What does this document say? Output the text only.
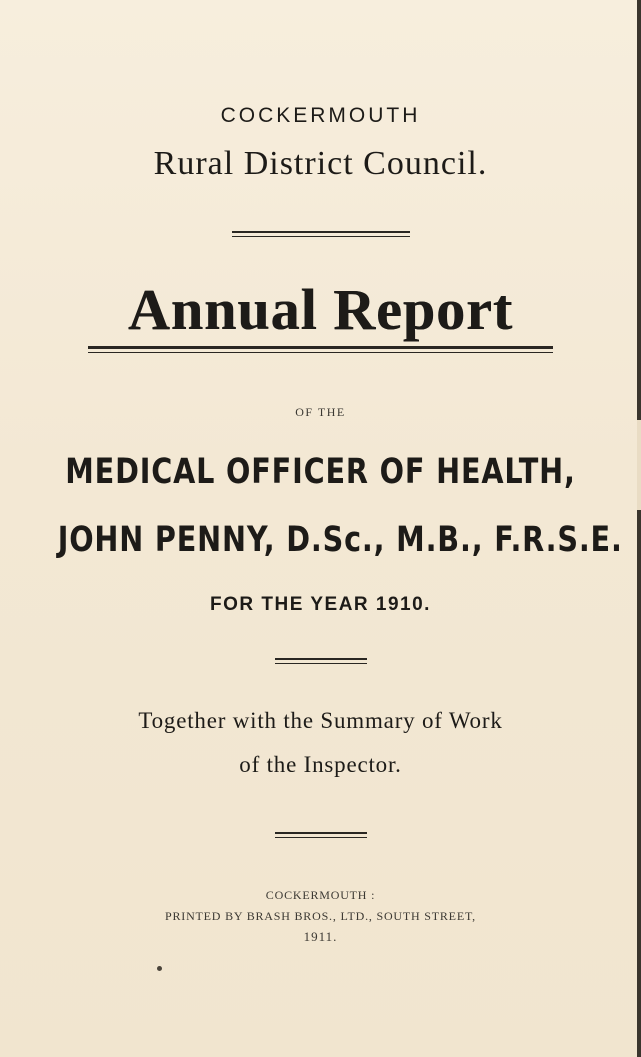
COCKERMOUTH
Rural District Council.
Annual Report
OF THE
MEDICAL OFFICER OF HEALTH,
JOHN PENNY, D.Sc., M.B., F.R.S.E.
FOR THE YEAR 1910.
Together with the Summary of Work
of the Inspector.
COCKERMOUTH :
PRINTED BY BRASH BROS., LTD., SOUTH STREET,
1911.
